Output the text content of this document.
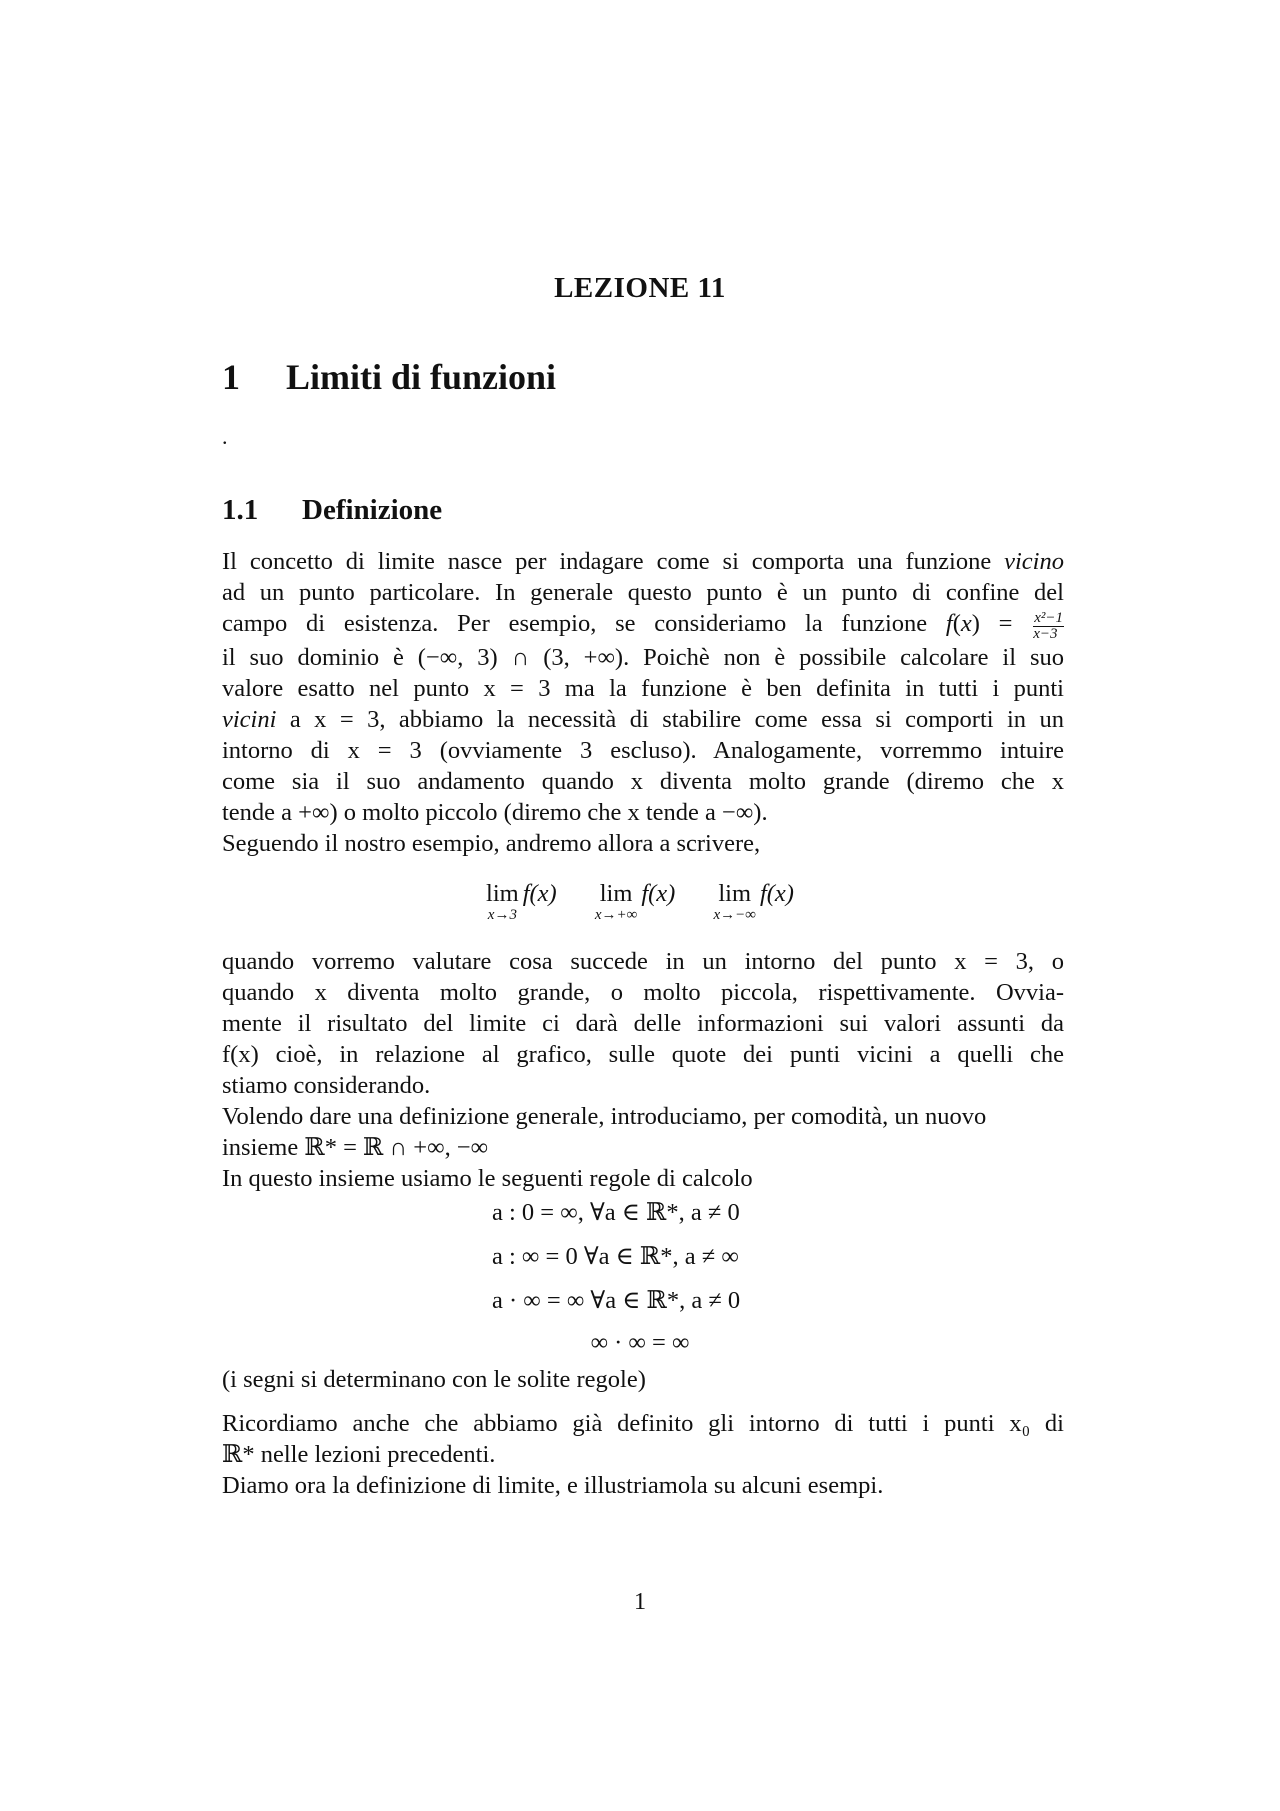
LEZIONE 11
1 Limiti di funzioni
.
1.1 Definizione
Il concetto di limite nasce per indagare come si comporta una funzione vicino
ad un punto particolare. In generale questo punto è un punto di confine del
campo di esistenza. Per esempio, se consideriamo la funzione $f(x) = \frac{\text{x²−1}}{x-3}$
il suo dominio è (−∞, 3) ∩ (3, +∞). Poichè non è possibile calcolare il suo
valore esatto nel punto x = 3 ma la funzione è ben definita in tutti i punti
vicini a x = 3, abbiamo la necessità di stabilire come essa si comporti in un
intorno di x = 3 (ovviamente 3 escluso). Analogamente, vorremmo intuire
come sia il suo andamento quando x diventa molto grande (diremo che x
tende a +∞) o molto piccolo (diremo che x tende a −∞).
Seguendo il nostro esempio, andremo allora a scrivere,
lim
x→3
f(x) lim
x→+∞
f(x) lim
x→−∞
f(x)
quando vorremo valutare cosa succede in un intorno del punto x = 3, o
quando x diventa molto grande, o molto piccola, rispettivamente. Ovvia-
mente il risultato del limite ci darà delle informazioni sui valori assunti da
f(x) cioè, in relazione al grafico, sulle quote dei punti vicini a quelli che
stiamo considerando.
Volendo dare una definizione generale, introduciamo, per comodità, un nuovo
insieme ℝ* = ℝ ∩ +∞, −∞
In questo insieme usiamo le seguenti regole di calcolo
a : 0 = ∞, ∀a ∈ ℝ*, a ≠ 0
a : ∞ = 0 ∀a ∈ ℝ*, a ≠ ∞
a · ∞ = ∞ ∀a ∈ ℝ*, a ≠ 0
∞ · ∞ = ∞
(i segni si determinano con le solite regole)
Ricordiamo anche che abbiamo già definito gli intorno di tutti i punti x₀ di
ℝ* nelle lezioni precedenti.
Diamo ora la definizione di limite, e illustriamola su alcuni esempi.
1
